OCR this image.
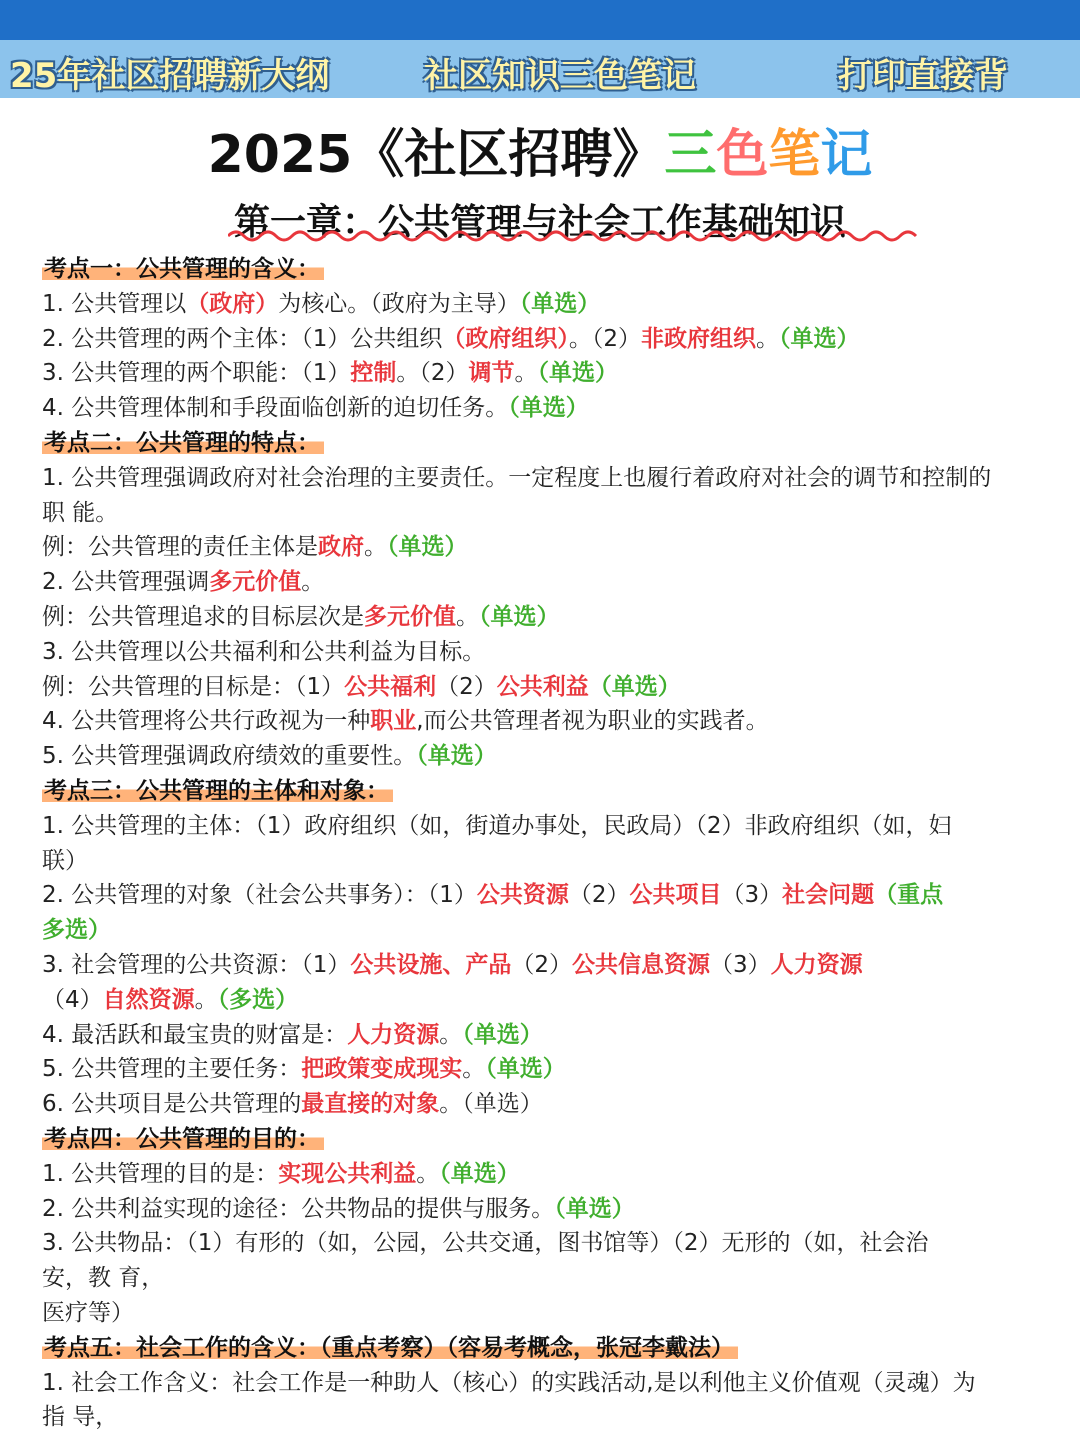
25年社区招聘新大纲	社区知识三色笔记	打印直接背
2025《社区招聘》三色笔记
第一章：公共管理与社会工作基础知识
考点一：公共管理的含义：
1. 公共管理以（政府）为核心。（政府为主导）（单选）
2. 公共管理的两个主体：（1）公共组织（政府组织）。（2）非政府组织。（单选）
3. 公共管理的两个职能：（1）控制。（2）调节。（单选）
4. 公共管理体制和手段面临创新的迫切任务。（单选）
考点二：公共管理的特点：
1. 公共管理强调政府对社会治理的主要责任。一定程度上也履行着政府对社会的调节和控制的
职 能。
例：公共管理的责任主体是政府。（单选）
2. 公共管理强调多元价值。
例：公共管理追求的目标层次是多元价值。（单选）
3. 公共管理以公共福利和公共利益为目标。
例：公共管理的目标是：（1）公共福利（2）公共利益（单选）
4. 公共管理将公共行政视为一种职业,而公共管理者视为职业的实践者。
5. 公共管理强调政府绩效的重要性。（单选）
考点三：公共管理的主体和对象：
1. 公共管理的主体：（1）政府组织（如，街道办事处，民政局）（2）非政府组织（如，妇
联）
2. 公共管理的对象（社会公共事务）：（1）公共资源（2）公共项目（3）社会问题（重点
多选）
3. 社会管理的公共资源：（1）公共设施、产品（2）公共信息资源（3）人力资源
（4）自然资源。（多选）
4. 最活跃和最宝贵的财富是：人力资源。（单选）
5. 公共管理的主要任务：把政策变成现实。（单选）
6. 公共项目是公共管理的最直接的对象。（单选）
考点四：公共管理的目的：
1. 公共管理的目的是：实现公共利益。（单选）
2. 公共利益实现的途径：公共物品的提供与服务。（单选）
3. 公共物品：（1）有形的（如，公园，公共交通，图书馆等）（2）无形的（如，社会治
安，教 育，
医疗等）
考点五：社会工作的含义：（重点考察）（容易考概念，张冠李戴法）
1. 社会工作含义：社会工作是一种助人（核心）的实践活动,是以利他主义价值观（灵魂）为
指 导，
